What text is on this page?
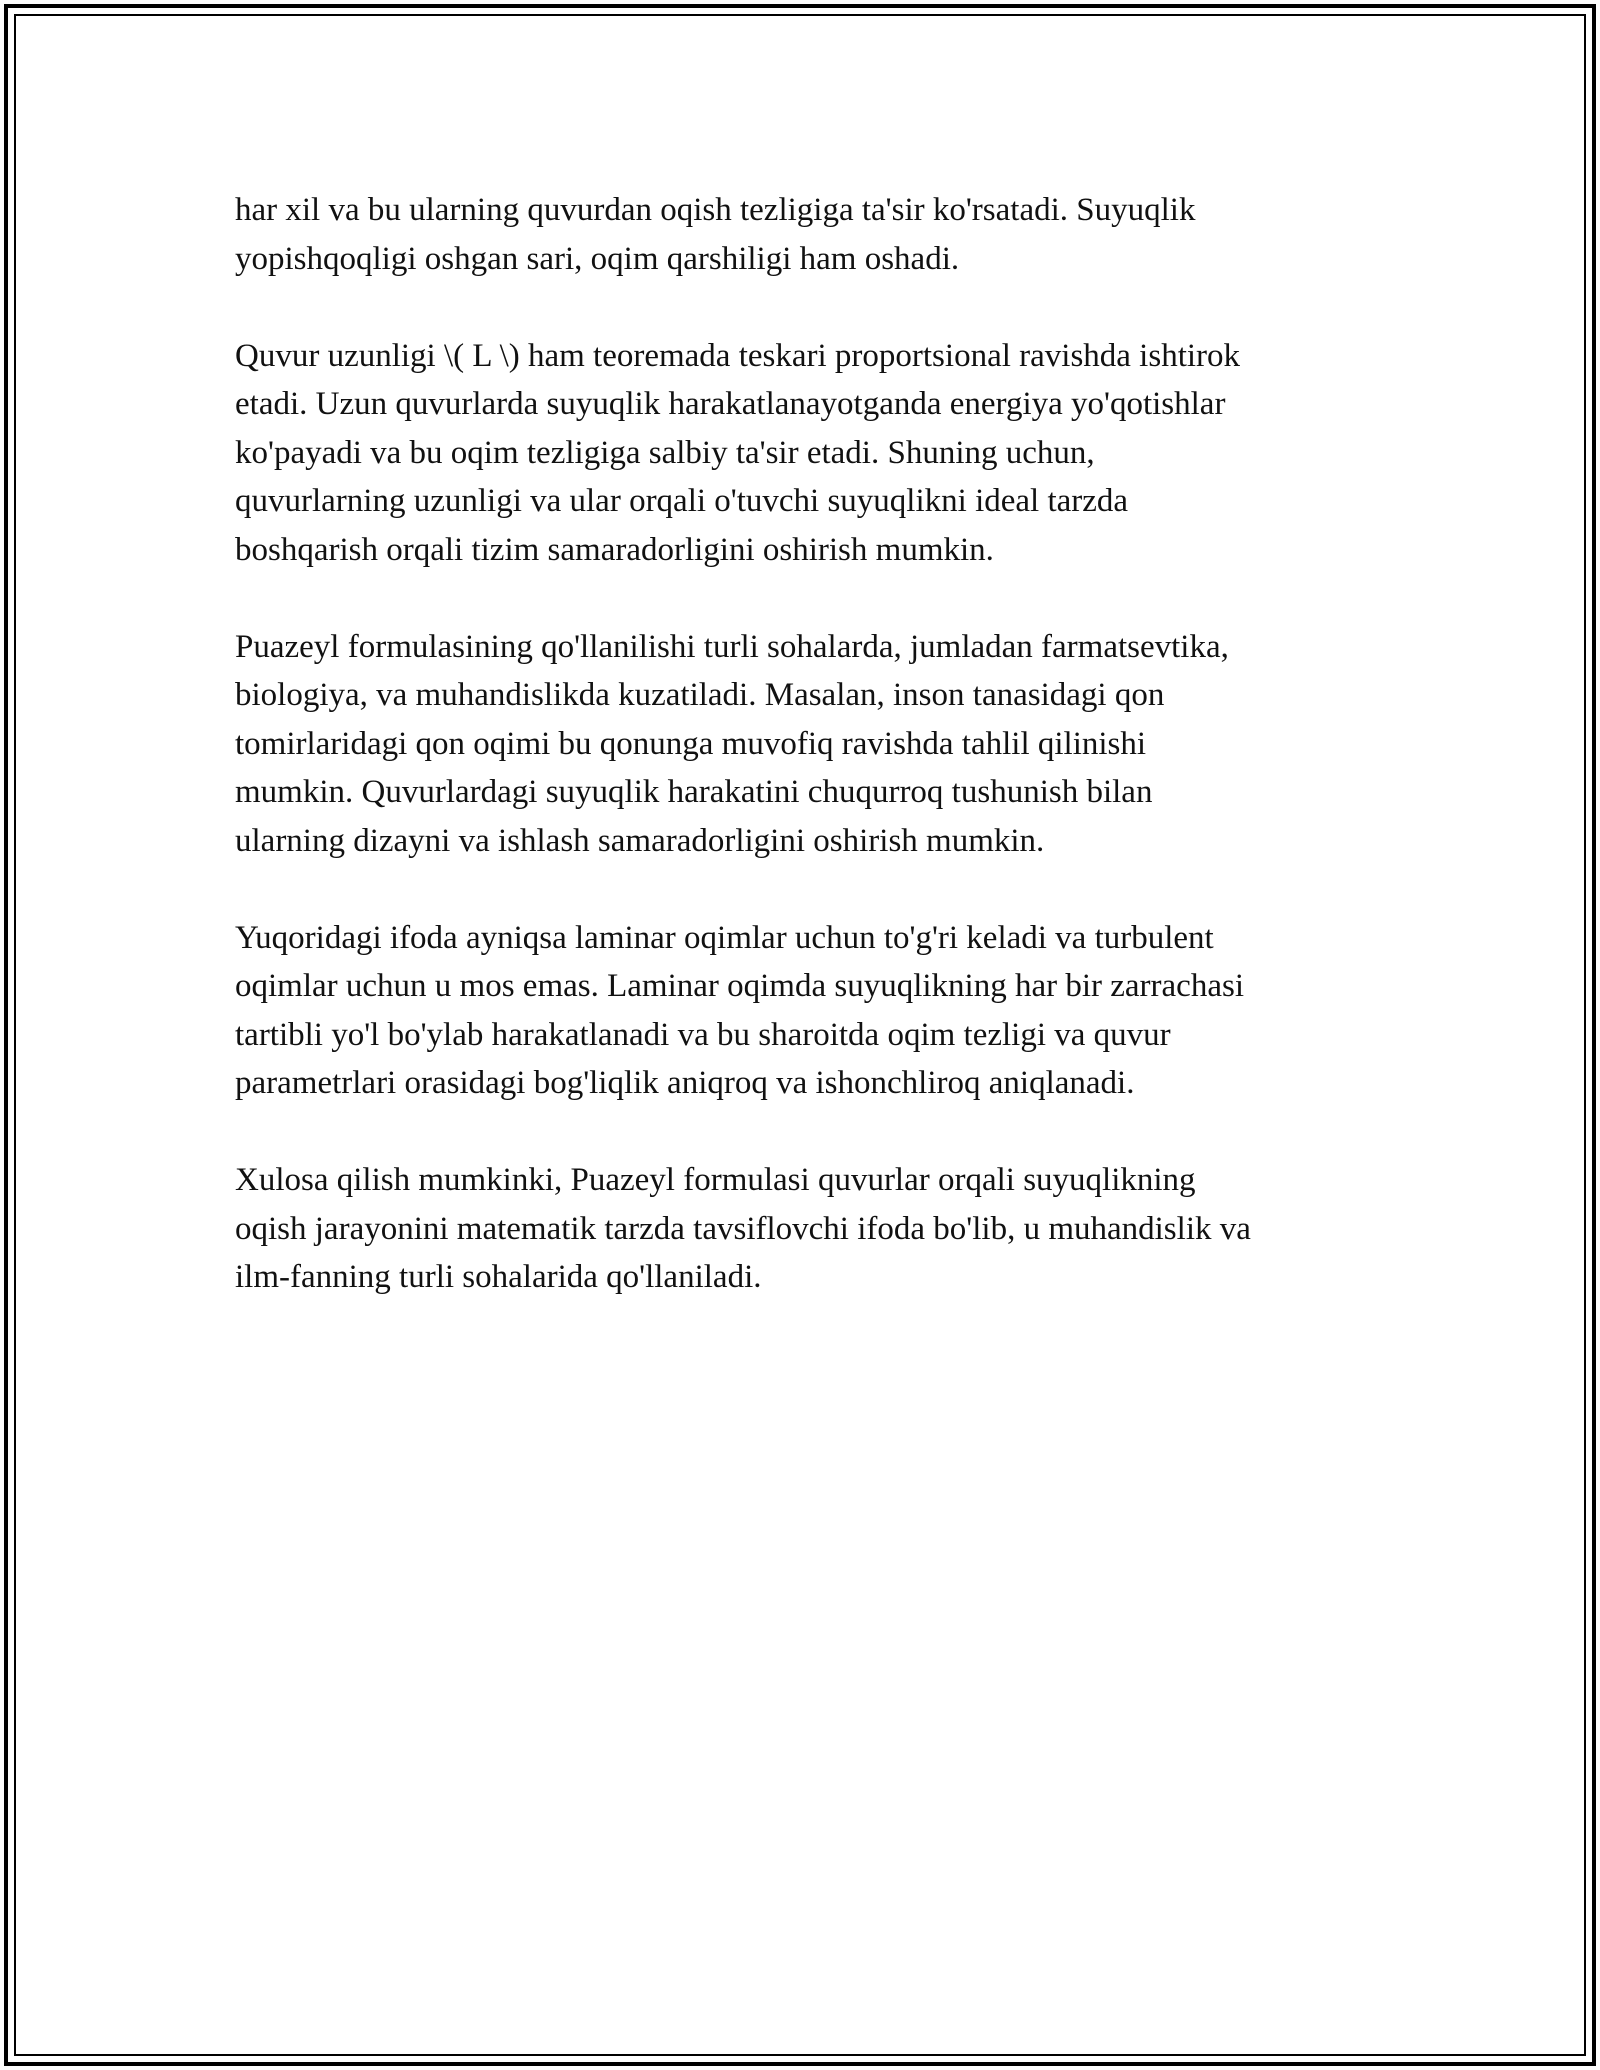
har xil va bu ularning quvurdan oqish tezligiga ta'sir ko'rsatadi. Suyuqlik
yopishqoqligi oshgan sari, oqim qarshiligi ham oshadi.

Quvur uzunligi \( L \) ham teoremada teskari proportsional ravishda ishtirok
etadi. Uzun quvurlarda suyuqlik harakatlanayotganda energiya yo'qotishlar
ko'payadi va bu oqim tezligiga salbiy ta'sir etadi. Shuning uchun,
quvurlarning uzunligi va ular orqali o'tuvchi suyuqlikni ideal tarzda
boshqarish orqali tizim samaradorligini oshirish mumkin.

Puazeyl formulasining qo'llanilishi turli sohalarda, jumladan farmatsevtika,
biologiya, va muhandislikda kuzatiladi. Masalan, inson tanasidagi qon
tomirlaridagi qon oqimi bu qonunga muvofiq ravishda tahlil qilinishi
mumkin. Quvurlardagi suyuqlik harakatini chuqurroq tushunish bilan
ularning dizayni va ishlash samaradorligini oshirish mumkin.

Yuqoridagi ifoda ayniqsa laminar oqimlar uchun to'g'ri keladi va turbulent
oqimlar uchun u mos emas. Laminar oqimda suyuqlikning har bir zarrachasi
tartibli yo'l bo'ylab harakatlanadi va bu sharoitda oqim tezligi va quvur
parametrlari orasidagi bog'liqlik aniqroq va ishonchliroq aniqlanadi.

Xulosa qilish mumkinki, Puazeyl formulasi quvurlar orqali suyuqlikning
oqish jarayonini matematik tarzda tavsiflovchi ifoda bo'lib, u muhandislik va
ilm-fanning turli sohalarida qo'llaniladi.
